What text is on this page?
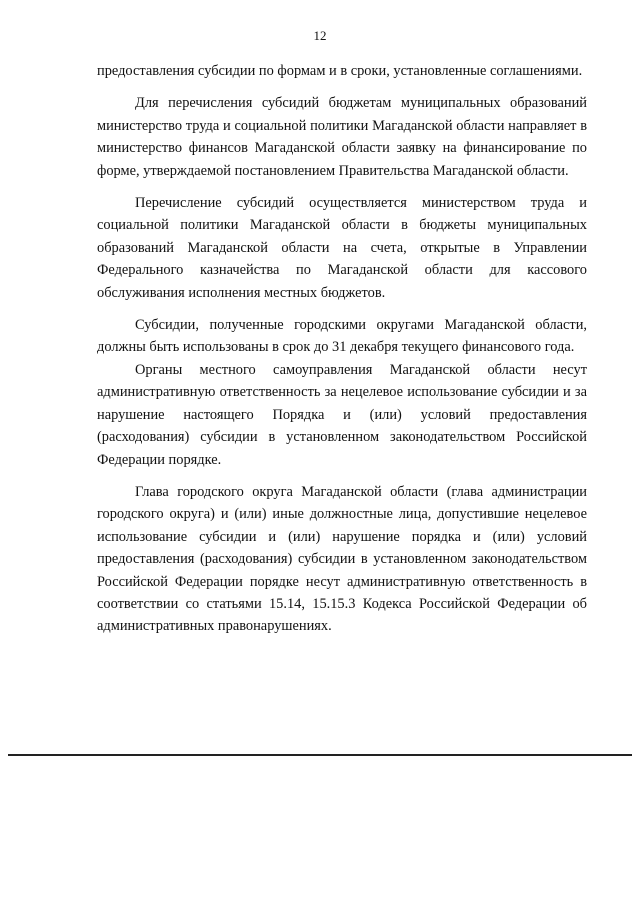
12

предоставления субсидии по формам и в сроки, установленные соглашениями.

Для перечисления субсидий бюджетам муниципальных образований министерство труда и социальной политики Магаданской области направляет в министерство финансов Магаданской области заявку на финансирование по форме, утверждаемой постановлением Правительства Магаданской области.

Перечисление субсидий осуществляется министерством труда и социальной политики Магаданской области в бюджеты муниципальных образований Магаданской области на счета, открытые в Управлении Федерального казначейства по Магаданской области для кассового обслуживания исполнения местных бюджетов.

Субсидии, полученные городскими округами Магаданской области, должны быть использованы в срок до 31 декабря текущего финансового года.

Органы местного самоуправления Магаданской области несут административную ответственность за нецелевое использование субсидии и за нарушение настоящего Порядка и (или) условий предоставления (расходования) субсидии в установленном законодательством Российской Федерации порядке.

Глава городского округа Магаданской области (глава администрации городского округа) и (или) иные должностные лица, допустившие нецелевое использование субсидии и (или) нарушение порядка и (или) условий предоставления (расходования) субсидии в установленном законодательством Российской Федерации порядке несут административную ответственность в соответствии со статьями 15.14, 15.15.3 Кодекса Российской Федерации об административных правонарушениях.
